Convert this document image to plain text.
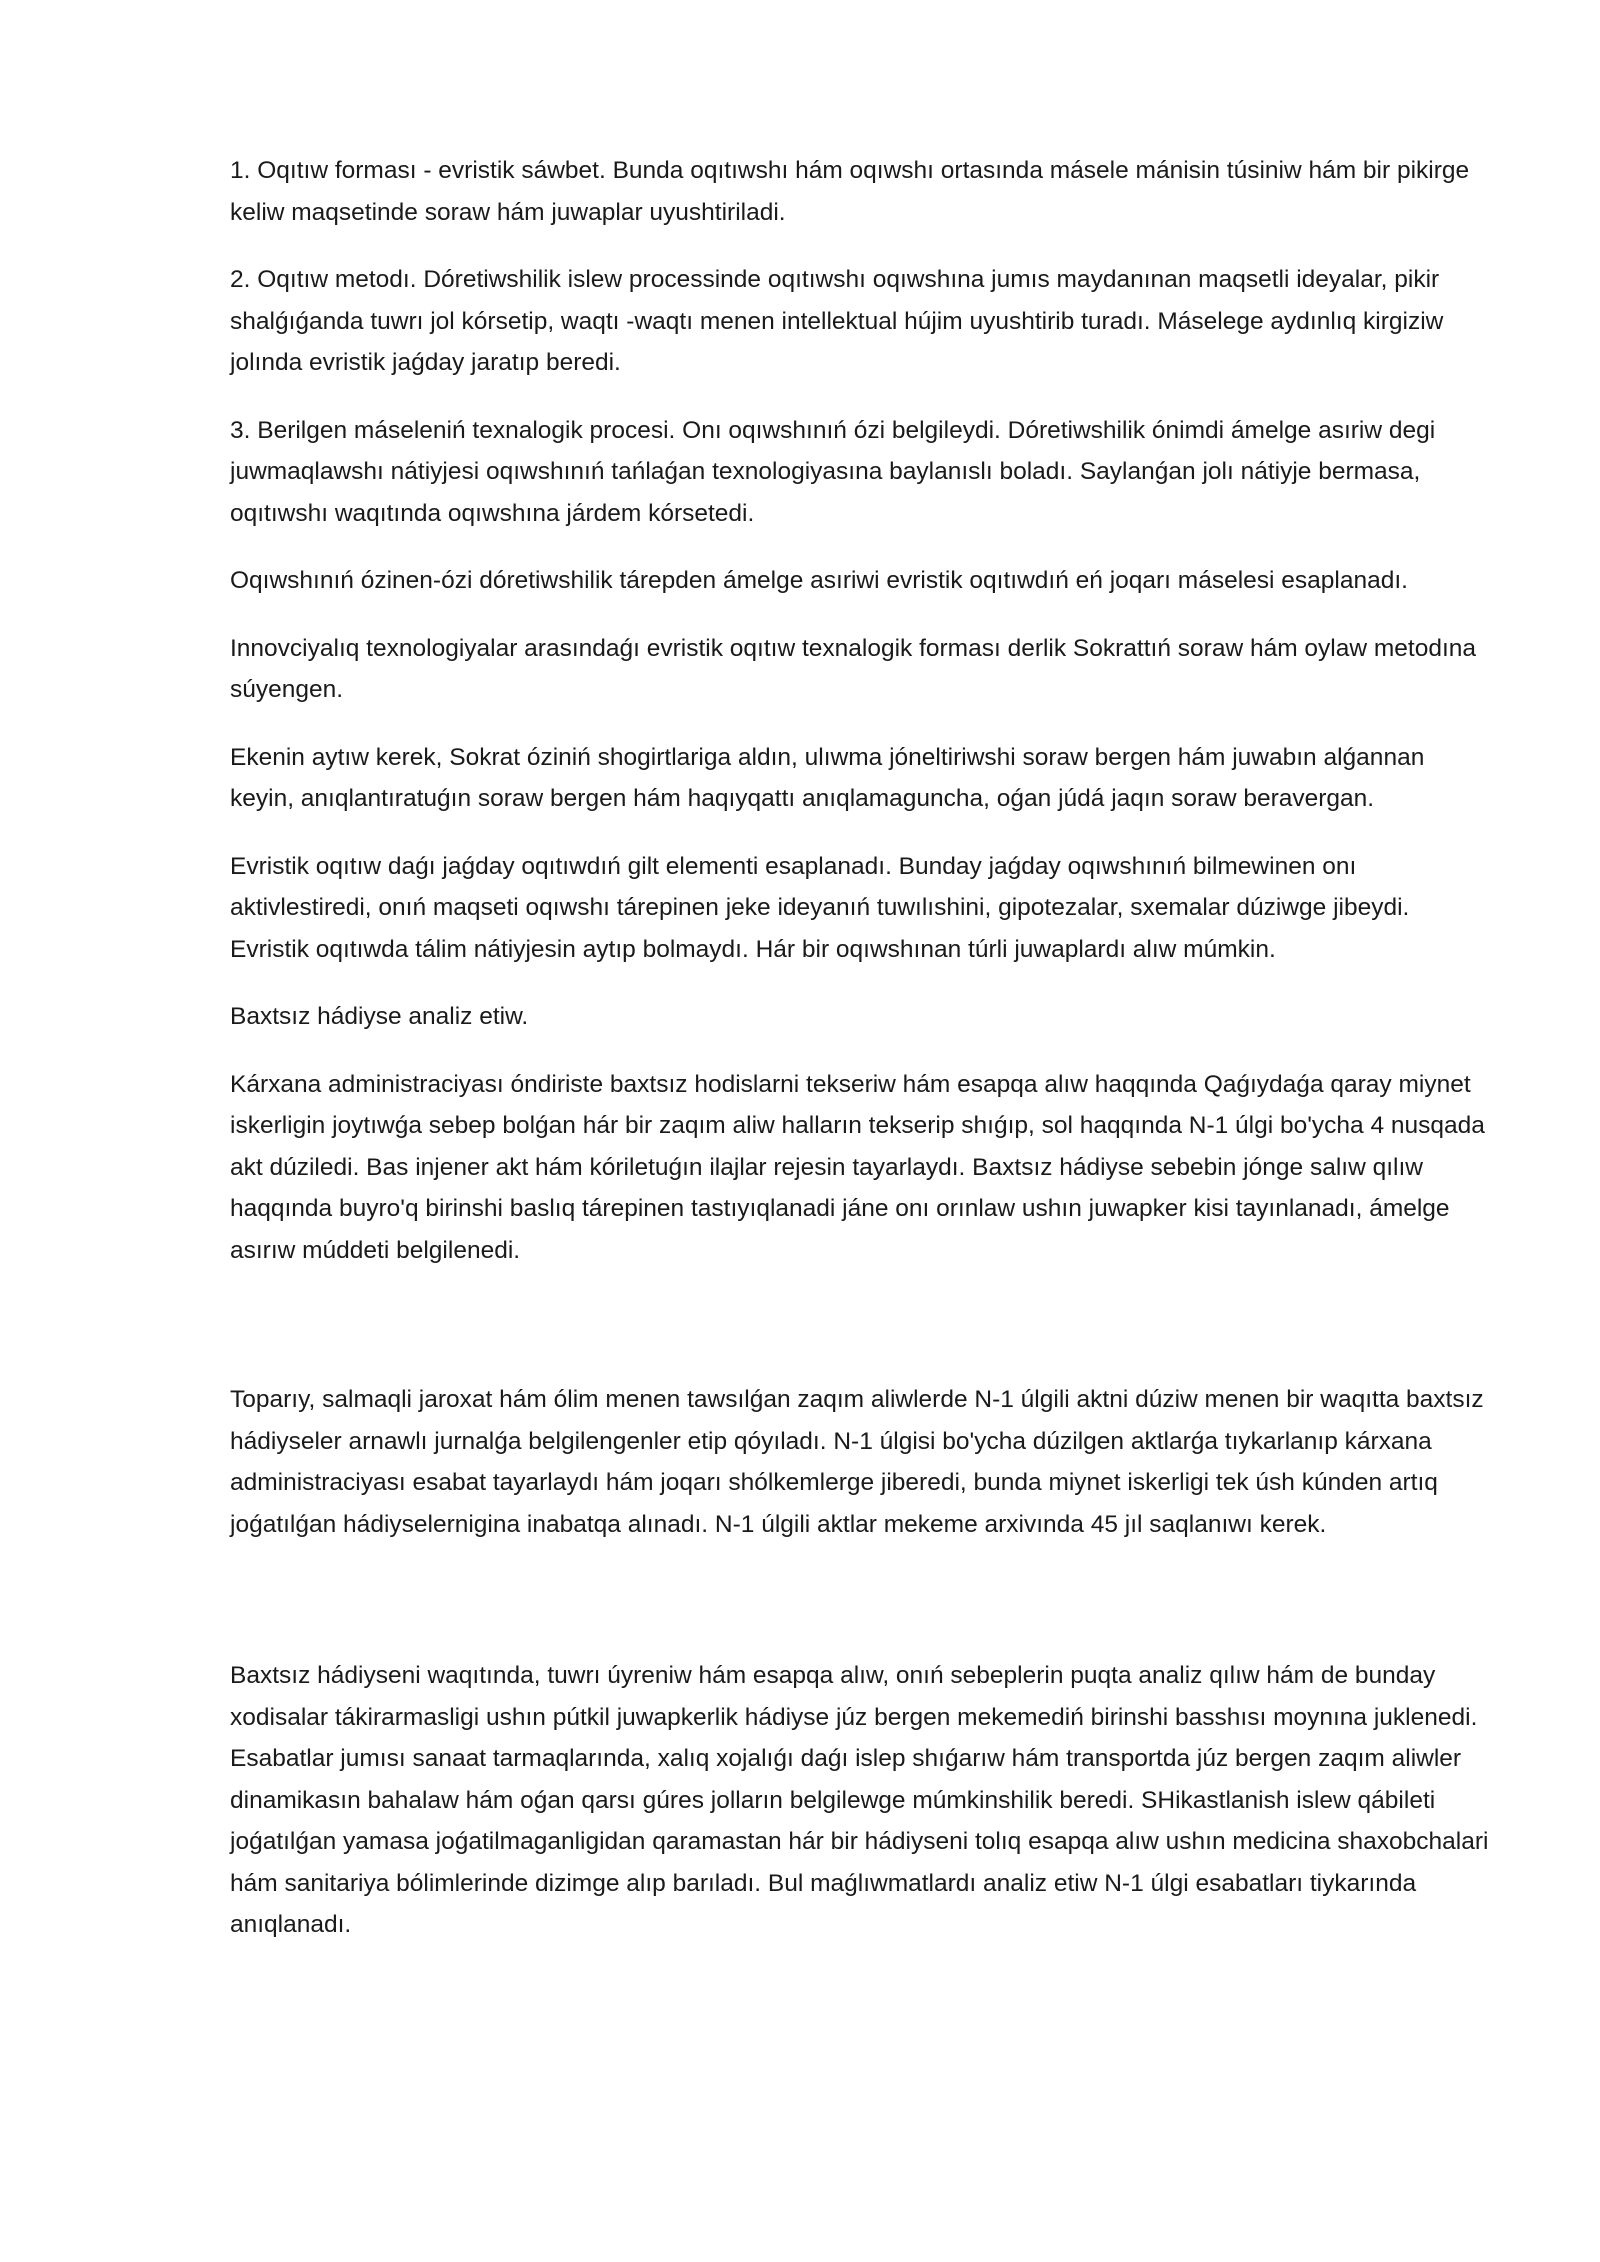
1. Oqıtıw forması - evristik sáwbet. Bunda oqıtıwshı hám oqıwshı ortasında másele mánisin túsiniw hám bir pikirge keliw maqsetinde soraw hám juwaplar uyushtiriladi.

2. Oqıtıw metodı. Dóretiwshilik islew processinde oqıtıwshı oqıwshına jumıs maydanınan maqsetli ideyalar, pikir shalǵıǵanda tuwrı jol kórsetip, waqtı -waqtı menen intellektual hújim uyushtirib turadı. Máselege aydınlıq kirgiziw jolında evristik jaǵday jaratıp beredi.

3. Berilgen máseleniń texnalogik procesi. Onı oqıwshınıń ózi belgileydi. Dóretiwshilik ónimdi ámelge asıriw degi juwmaqlawshı nátiyjesi oqıwshınıń tańlaǵan texnologiyasına baylanıslı boladı. Saylanǵan jolı nátiyje bermasa, oqıtıwshı waqıtında oqıwshına járdem kórsetedi.

Oqıwshınıń ózinen-ózi dóretiwshilik tárepden ámelge asıriwi evristik oqıtıwdıń eń joqarı máselesi esaplanadı.

Innovciyalıq texnologiyalar arasındaǵı evristik oqıtıw texnalogik forması derlik Sokrattıń soraw hám oylaw metodına súyengen.

Ekenin aytıw kerek, Sokrat óziniń shogirtlariga aldın, ulıwma jóneltiriwshi soraw bergen hám juwabın alǵannan keyin, anıqlantıratuǵın soraw bergen hám haqıyqattı anıqlamaguncha, oǵan júdá jaqın soraw beravergan.

Evristik oqıtıw daǵı jaǵday oqıtıwdıń gilt elementi esaplanadı. Bunday jaǵday oqıwshınıń bilmewinen onı aktivlestiredi, onıń maqseti oqıwshı tárepinen jeke ideyanıń tuwılıshini, gipotezalar, sxemalar dúziwge jibeydi. Evristik oqıtıwda tálim nátiyjesin aytıp bolmaydı. Hár bir oqıwshınan túrli juwaplardı alıw múmkin.

Baxtsız hádiyse analiz etiw.

Kárxana administraciyası óndiriste baxtsız hodislarni tekseriw hám esapqa alıw haqqında Qaǵıydaǵa qaray miynet iskerligin joytıwǵa sebep bolǵan hár bir zaqım aliw halların tekserip shıǵıp, sol haqqında N-1 úlgi bo'ycha 4 nusqada akt dúziledi. Bas injener akt hám kóriletuǵın ilajlar rejesin tayarlaydı. Baxtsız hádiyse sebebin jónge salıw qılıw haqqında buyro'q birinshi baslıq tárepinen tastıyıqlanadi jáne onı orınlaw ushın juwapker kisi tayınlanadı, ámelge asırıw múddeti belgilenedi.

Toparıy, salmaqli jaroxat hám ólim menen tawsılǵan zaqım aliwlerde N-1 úlgili aktni dúziw menen bir waqıtta baxtsız hádiyseler arnawlı jurnalǵa belgilengenler etip qóyıladı. N-1 úlgisi bo'ycha dúzilgen aktlarǵa tıykarlanıp kárxana administraciyası esabat tayarlaydı hám joqarı shólkemlerge jiberedi, bunda miynet iskerligi tek úsh kúnden artıq joǵatılǵan hádiyselernigina inabatqa alınadı. N-1 úlgili aktlar mekeme arxivında 45 jıl saqlanıwı kerek.

Baxtsız hádiyseni waqıtında, tuwrı úyreniw hám esapqa alıw, onıń sebeplerin puqta analiz qılıw hám de bunday xodisalar tákirarmasligi ushın pútkil juwapkerlik hádiyse júz bergen mekemediń birinshi basshısı moynına juklenedi. Esabatlar jumısı sanaat tarmaqlarında, xalıq xojalıǵı daǵı islep shıǵarıw hám transportda júz bergen zaqım aliwler dinamikasın bahalaw hám oǵan qarsı gúres jolların belgilewge múmkinshilik beredi. SHikastlanish islew qábileti joǵatılǵan yamasa joǵatilmaganligidan qaramastan hár bir hádiyseni tolıq esapqa alıw ushın medicina shaxobchalari hám sanitariya bólimlerinde dizimge alıp barıladı. Bul maǵlıwmatlardı analiz etiw N-1 úlgi esabatları tiykarında anıqlanadı.
